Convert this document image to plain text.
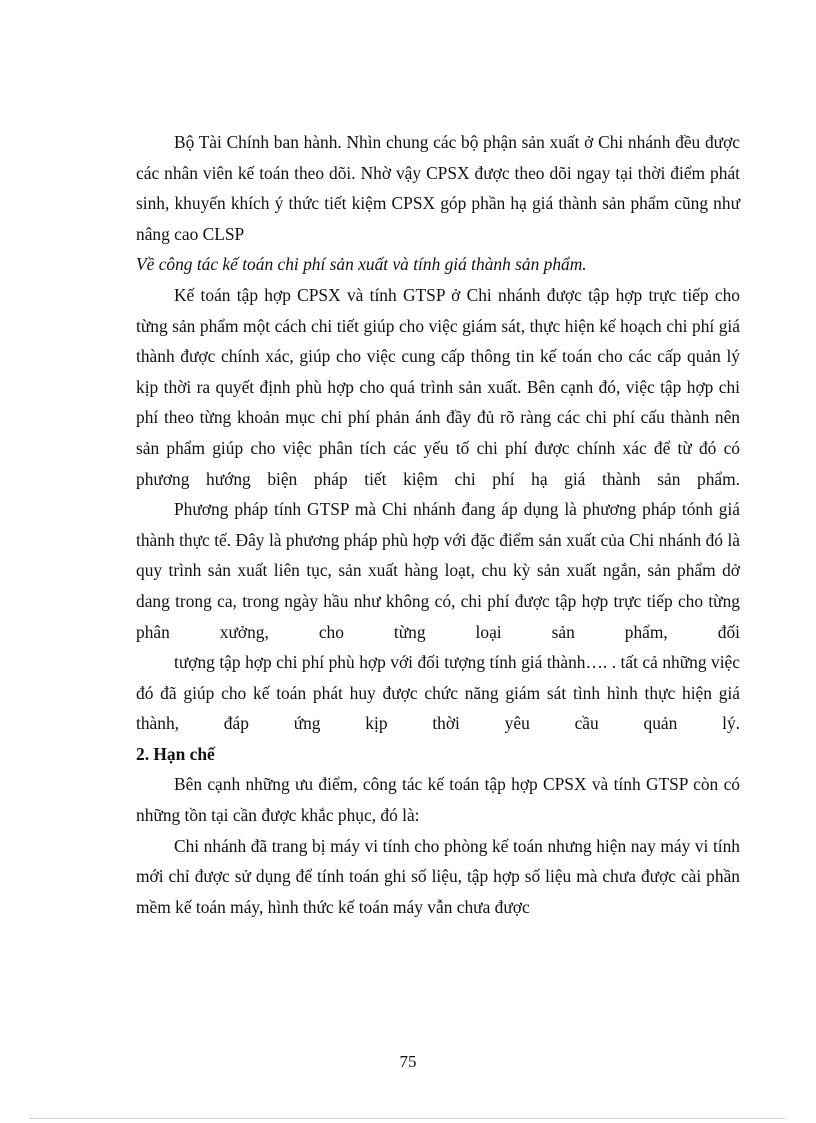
Bộ Tài Chính ban hành. Nhìn chung các bộ phận sản xuất ở Chi nhánh đều được các nhân viên kế toán theo dõi. Nhờ vậy CPSX được theo dõi ngay tại thời điểm phát sinh, khuyến khích ý thức tiết kiệm CPSX góp phần hạ giá thành sản phẩm cũng như nâng cao CLSP

Về công tác kế toán chi phí sản xuất và tính giá thành sản phẩm.

Kế toán tập hợp CPSX và tính GTSP ở Chi nhánh được tập hợp trực tiếp cho từng sản phẩm một cách chi tiết giúp cho việc giám sát, thực hiện kế hoạch chi phí giá thành được chính xác, giúp cho việc cung cấp thông tin kế toán cho các cấp quản lý kịp thời ra quyết định phù hợp cho quá trình sản xuất. Bên cạnh đó, việc tập hợp chi phí theo từng khoản mục chi phí phản ánh đầy đủ rõ ràng các chi phí cấu thành nên sản phẩm giúp cho việc phân tích các yếu tố chi phí được chính xác để từ đó có phương hướng biện pháp tiết kiệm chi phí hạ giá thành sản phẩm.

Phương pháp tính GTSP mà Chi nhánh đang áp dụng là phương pháp tónh giá thành thực tế. Đây là phương pháp phù hợp với đặc điểm sản xuất của Chi nhánh đó là quy trình sản xuất liên tục, sản xuất hàng loạt, chu kỳ sản xuất ngắn, sản phẩm dở dang trong ca, trong ngày hầu như không có, chi phí được tập hợp trực tiếp cho từng phân xưởng, cho từng loại sản phẩm, đối

tượng tập hợp chi phí phù hợp với đối tượng tính giá thành…. . tất cả những việc đó đã giúp cho kế toán phát huy được chức năng giám sát tình hình thực hiện giá thành, đáp ứng kịp thời yêu cầu quản lý.

2. Hạn chế

Bên cạnh những ưu điểm, công tác kế toán tập hợp CPSX và tính GTSP còn có những tồn tại cần được khắc phục, đó là:

Chi nhánh đã trang bị máy vi tính cho phòng kế toán nhưng hiện nay máy vi tính mới chỉ được sử dụng để tính toán ghi số liệu, tập hợp số liệu mà chưa được cài phần mềm kế toán máy, hình thức kế toán máy vẫn chưa được

75
